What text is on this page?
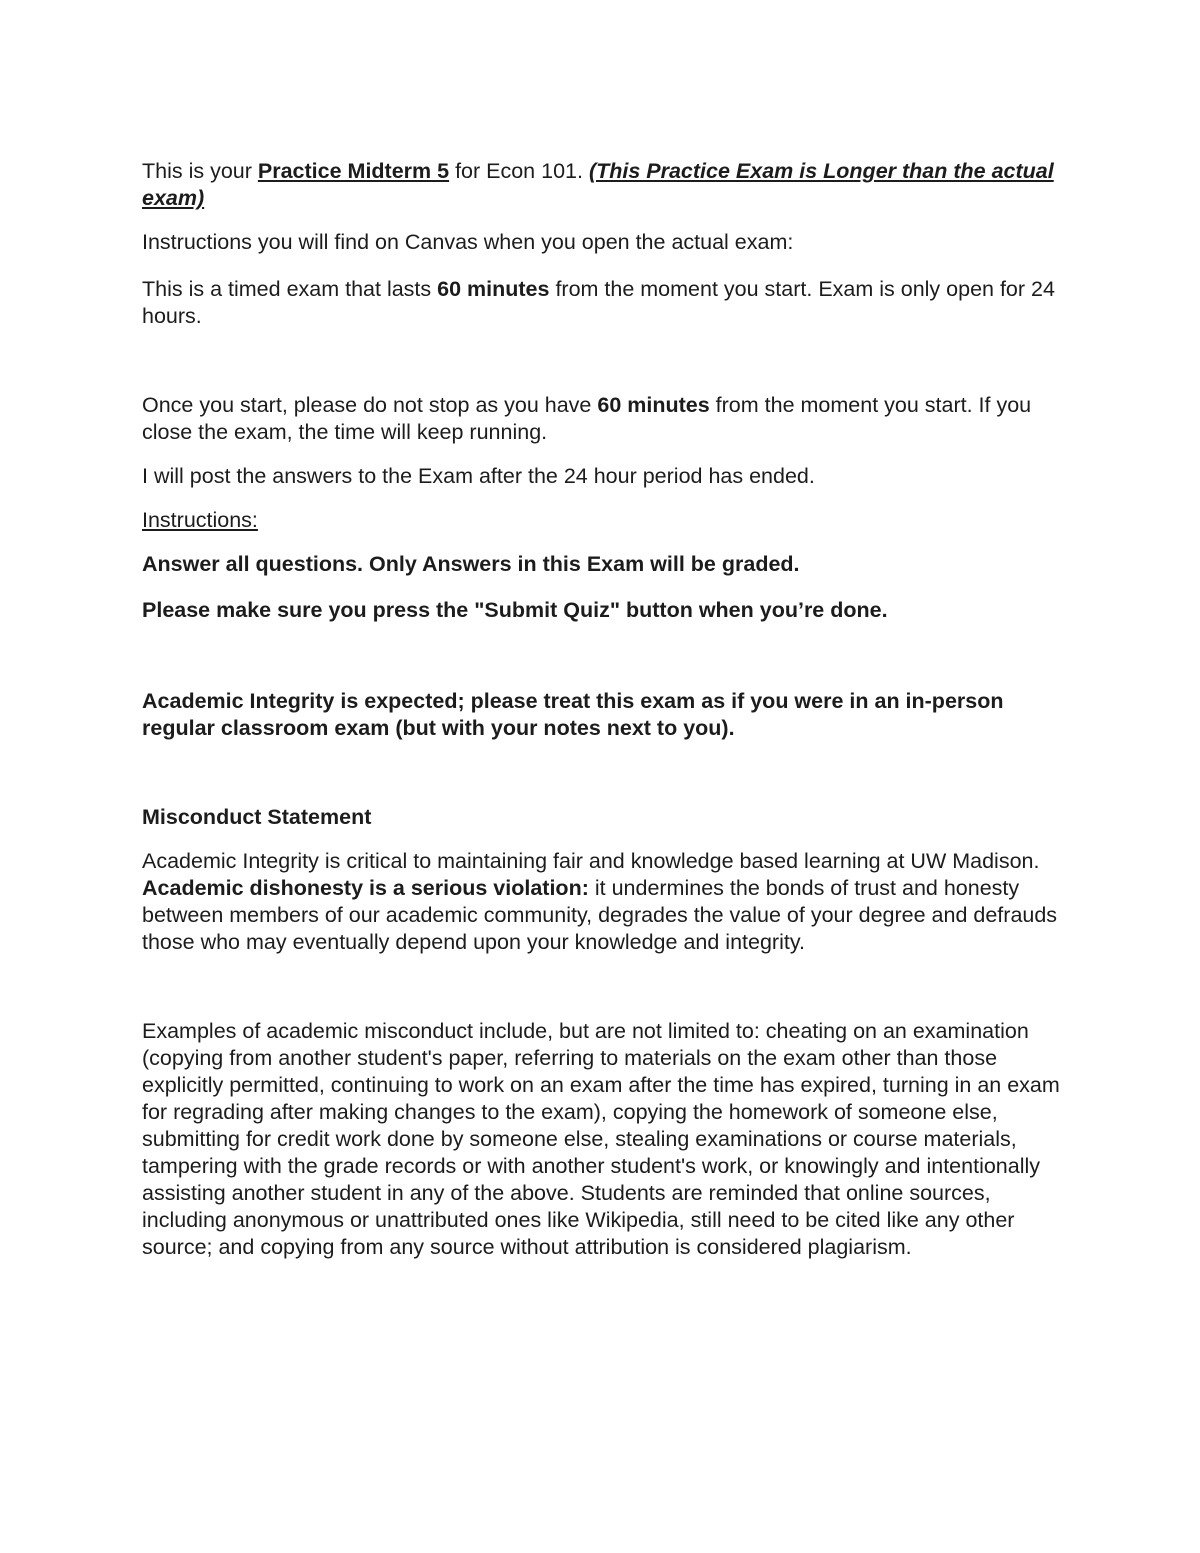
This is your Practice Midterm 5 for Econ 101. (This Practice Exam is Longer than the actual exam)

Instructions you will find on Canvas when you open the actual exam:

This is a timed exam that lasts 60 minutes from the moment you start. Exam is only open for 24 hours.

Once you start, please do not stop as you have 60 minutes from the moment you start. If you close the exam, the time will keep running.

I will post the answers to the Exam after the 24 hour period has ended.

Instructions:

Answer all questions. Only Answers in this Exam will be graded.

Please make sure you press the "Submit Quiz" button when you’re done.

Academic Integrity is expected; please treat this exam as if you were in an in-person regular classroom exam (but with your notes next to you).

Misconduct Statement

Academic Integrity is critical to maintaining fair and knowledge based learning at UW Madison. Academic dishonesty is a serious violation: it undermines the bonds of trust and honesty between members of our academic community, degrades the value of your degree and defrauds those who may eventually depend upon your knowledge and integrity.

Examples of academic misconduct include, but are not limited to: cheating on an examination (copying from another student's paper, referring to materials on the exam other than those explicitly permitted, continuing to work on an exam after the time has expired, turning in an exam for regrading after making changes to the exam), copying the homework of someone else, submitting for credit work done by someone else, stealing examinations or course materials, tampering with the grade records or with another student's work, or knowingly and intentionally assisting another student in any of the above. Students are reminded that online sources, including anonymous or unattributed ones like Wikipedia, still need to be cited like any other source; and copying from any source without attribution is considered plagiarism.
